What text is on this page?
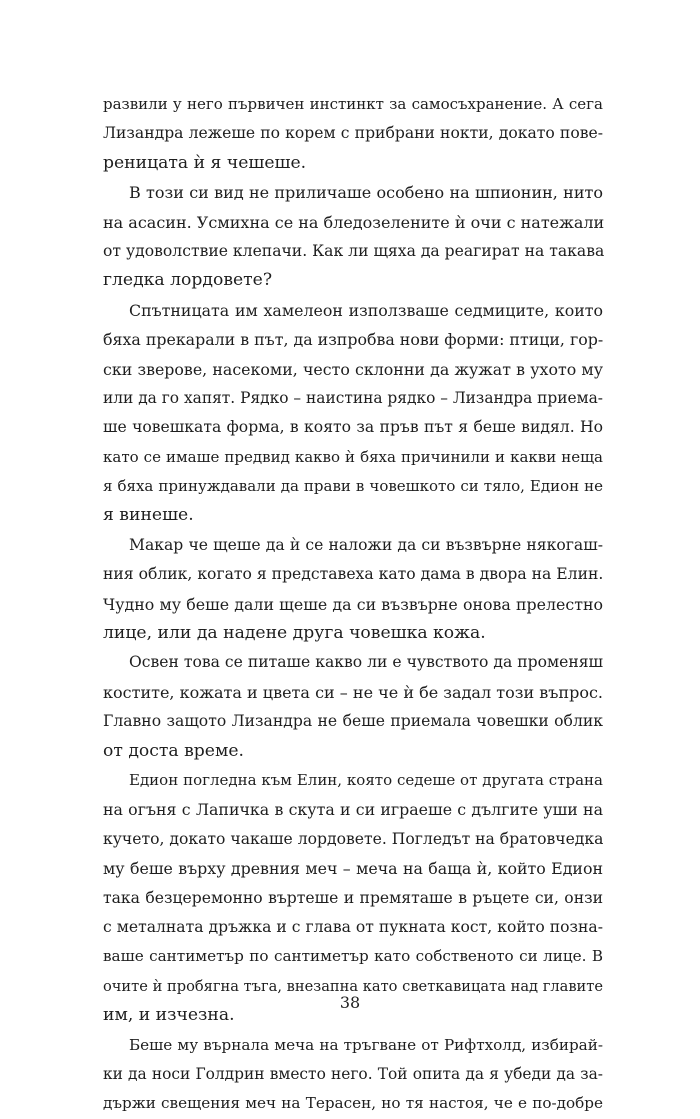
развили у него първичен инстинкт за самосъхранение. А сега
Лизандра лежеше по корем с прибрани нокти, докато пове-
реницата ѝ я чешеше.
В този си вид не приличаше особено на шпионин, нито
на асасин. Усмихна се на бледозелените ѝ очи с натежали
от удоволствие клепачи. Как ли щяха да реагират на такава
гледка лордовете?
Спътницата им хамелеон използваше седмиците, които
бяха прекарали в път, да изпробва нови форми: птици, гор-
ски зверове, насекоми, често склонни да жужат в ухото му
или да го хапят. Рядко – наистина рядко – Лизандра приема-
ше човешката форма, в която за пръв път я беше видял. Но
като се имаше предвид какво ѝ бяха причинили и какви неща
я бяха принуждавали да прави в човешкото си тяло, Едион не
я винеше.
Макар че щеше да ѝ се наложи да си възвърне някогаш-
ния облик, когато я представеха като дама в двора на Елин.
Чудно му беше дали щеше да си възвърне онова прелестно
лице, или да надене друга човешка кожа.
Освен това се питаше какво ли е чувството да променяш
костите, кожата и цвета си – не че ѝ бе задал този въпрос.
Главно защото Лизандра не беше приемала човешки облик
от доста време.
Едион погледна към Елин, която седеше от другата страна
на огъня с Лапичка в скута и си играеше с дългите уши на
кучето, докато чакаше лордовете. Погледът на братовчедка
му беше върху древния меч – меча на баща ѝ, който Едион
така безцеремонно въртеше и премяташе в ръцете си, онзи
с металната дръжка и с глава от пукната кост, който позна-
ваше сантиметър по сантиметър като собственото си лице. В
очите ѝ пробягна тъга, внезапна като светкавицата над главите
им, и изчезна.
Беше му върнала меча на тръгване от Рифтхолд, избирай-
ки да носи Голдрин вместо него. Той опита да я убеди да за-
държи свещения меч на Терасен, но тя настоя, че е по-добре
38
